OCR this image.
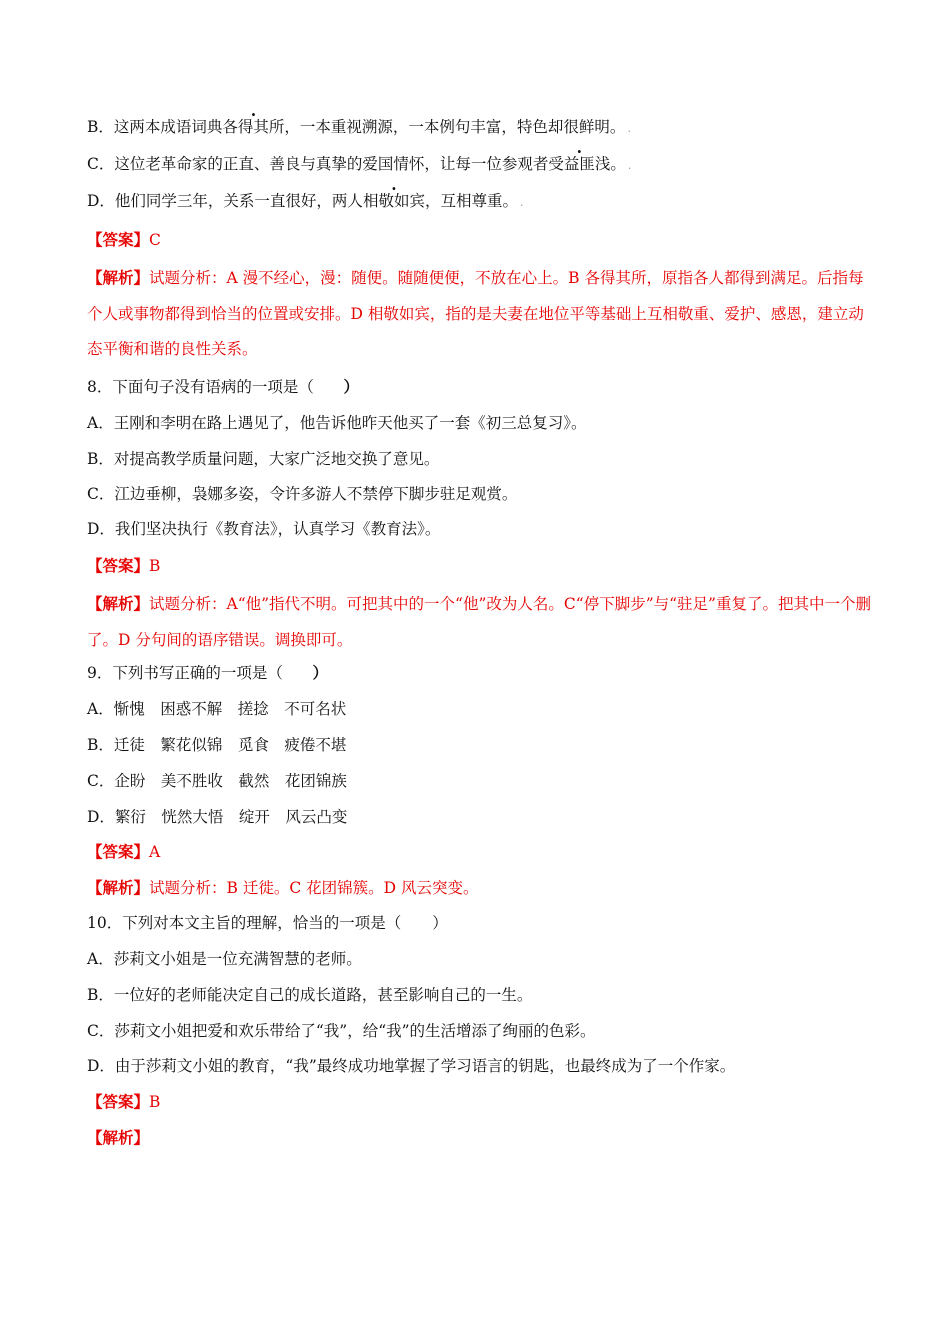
B．这两本成语词典各得其所，一本重视溯源，一本例句丰富，特色却很鲜明。 .
C．这位老革命家的正直、善良与真挚的爱国情怀，让每一位参观者受益匪浅。 .
D．他们同学三年，关系一直很好，两人相敬如宾，互相尊重。 .
【答案】C
【解析】试题分析：A 漫不经心，漫：随便。随随便便，不放在心上。B 各得其所，原指各人都得到满足。后指每个人或事物都得到恰当的位置或安排。D 相敬如宾，指的是夫妻在地位平等基础上互相敬重、爱护、感恩，建立动态平衡和谐的良性关系。
8．下面句子没有语病的一项是（ ）
A．王刚和李明在路上遇见了，他告诉他昨天他买了一套《初三总复习》。
B．对提高教学质量问题，大家广泛地交换了意见。
C．江边垂柳，袅娜多姿，令许多游人不禁停下脚步驻足观赏。
D．我们坚决执行《教育法》，认真学习《教育法》。
【答案】B
【解析】试题分析：A“他”指代不明。可把其中的一个“他”改为人名。C“停下脚步”与“驻足”重复了。把其中一个删了。D 分句间的语序错误。调换即可。
9．下列书写正确的一项是（ ）
A．惭愧　困惑不解　搓捻　不可名状
B．迁徒　繁花似锦　觅食　疲倦不堪
C．企盼　美不胜收　截然　花团锦族
D．繁衍　恍然大悟　绽开　风云凸变
【答案】A
【解析】试题分析：B 迁徙。C 花团锦簇。D 风云突变。
10．下列对本文主旨的理解，恰当的一项是（　　）
A．莎莉文小姐是一位充满智慧的老师。
B．一位好的老师能决定自己的成长道路，甚至影响自己的一生。
C．莎莉文小姐把爱和欢乐带给了“我”，给“我”的生活增添了绚丽的色彩。
D．由于莎莉文小姐的教育，“我”最终成功地掌握了学习语言的钥匙，也最终成为了一个作家。
【答案】B
【解析】
